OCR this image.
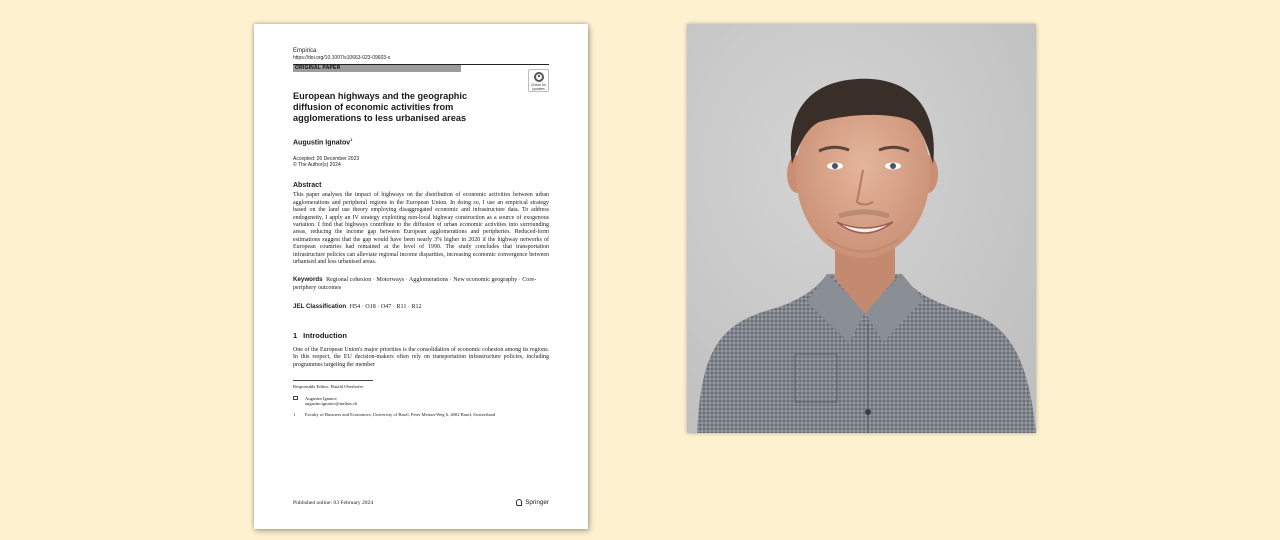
Empirica
https://doi.org/10.1007/s10663-023-09603-x
ORIGINAL PAPER
Check for
updates
European highways and the geographic diffusion of economic activities from agglomerations to less urbanised areas
Augustin Ignatov$^1$
Accepted: 26 December 2023
© The Author(s) 2024
Abstract
This paper analyses the impact of highways on the distribution of economic activities between urban agglomerations and peripheral regions in the European Union. In doing so, I use an empirical strategy based on the land use theory employing disaggregated economic and infrastructure data. To address endogeneity, I apply an IV strategy exploiting non-local highway construction as a source of exogenous variation. I find that highways contribute to the diffusion of urban economic activities into surrounding areas, reducing the income gap between European agglomerations and peripheries. Reduced-form estimations suggest that the gap would have been nearly 3% higher in 2020 if the highway networks of European countries had remained at the level of 1990. The study concludes that transportation infrastructure policies can alleviate regional income disparities, increasing economic convergence between urbanised and less urbanised areas.
Keywords Regional cohesion · Motorways · Agglomerations · New economic geography · Core-periphery outcomes
JEL Classification H54 · O18 · O47 · R11 · R12
1 Introduction
One of the European Union's major priorities is the consolidation of economic cohesion among its regions. In this respect, the EU decision-makers often rely on transportation infrastructure policies, including programmes targeting the member
Responsible Editor: Harald Oberhofer.
Augustin Ignatov
augustin.ignatov@unibas.ch
1	Faculty of Business and Economics, University of Basel, Peter Merian-Weg 6, 4002 Basel, Switzerland
Published online: 03 February 2024	Springer
